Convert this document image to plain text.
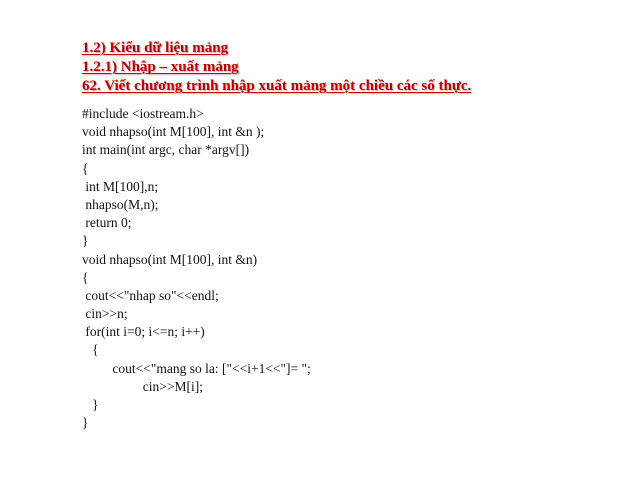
1.2) Kiểu dữ liệu mảng
1.2.1) Nhập – xuất mảng
62. Viết chương trình nhập xuất mảng một chiều các số thực.
#include <iostream.h>
void nhapso(int M[100], int &n );
int main(int argc, char *argv[])
{
int M[100],n;
nhapso(M,n);
return 0;
}
void nhapso(int M[100], int &n)
{
cout<<"nhap so"<<endl;
cin>>n;
for(int i=0; i<=n; i++)
{
cout<<"mang so la: ["<<i+1<<"]= ";
cin>>M[i];
}
}
